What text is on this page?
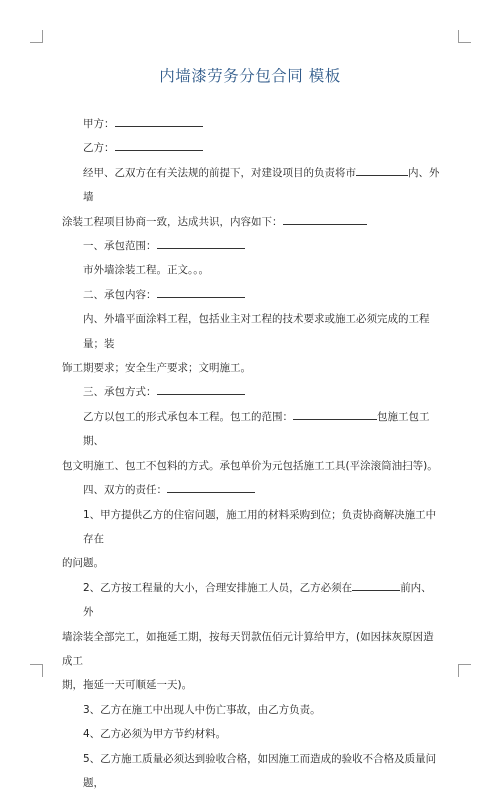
内墙漆劳务分包合同 模板

甲方：

乙方：

经甲、乙双方在有关法规的前提下，对建设项目的负责将市	内、外墙

涂装工程项目协商一致，达成共识，内容如下：

一、承包范围：

市外墙涂装工程。正文。。。

二、承包内容：

内、外墙平面涂料工程，包括业主对工程的技术要求或施工必须完成的工程量；装

饰工期要求；安全生产要求；文明施工。

三、承包方式：

乙方以包工的形式承包本工程。包工的范围：	包施工包工期、

包文明施工、包工不包料的方式。承包单价为元包括施工工具(平涂滚筒油扫等)。

四、双方的责任：

1、甲方提供乙方的住宿问题，施工用的材料采购到位；负责协商解决施工中存在

的问题。

2、乙方按工程量的大小，合理安排施工人员，乙方必须在	前内、外

墙涂装全部完工，如拖延工期，按每天罚款伍佰元计算给甲方，(如因抹灰原因造成工

期，拖延一天可顺延一天)。

3、乙方在施工中出现人中伤亡事故，由乙方负责。

4、乙方必须为甲方节约材料。

5、乙方施工质量必须达到验收合格，如因施工而造成的验收不合格及质量问题，
